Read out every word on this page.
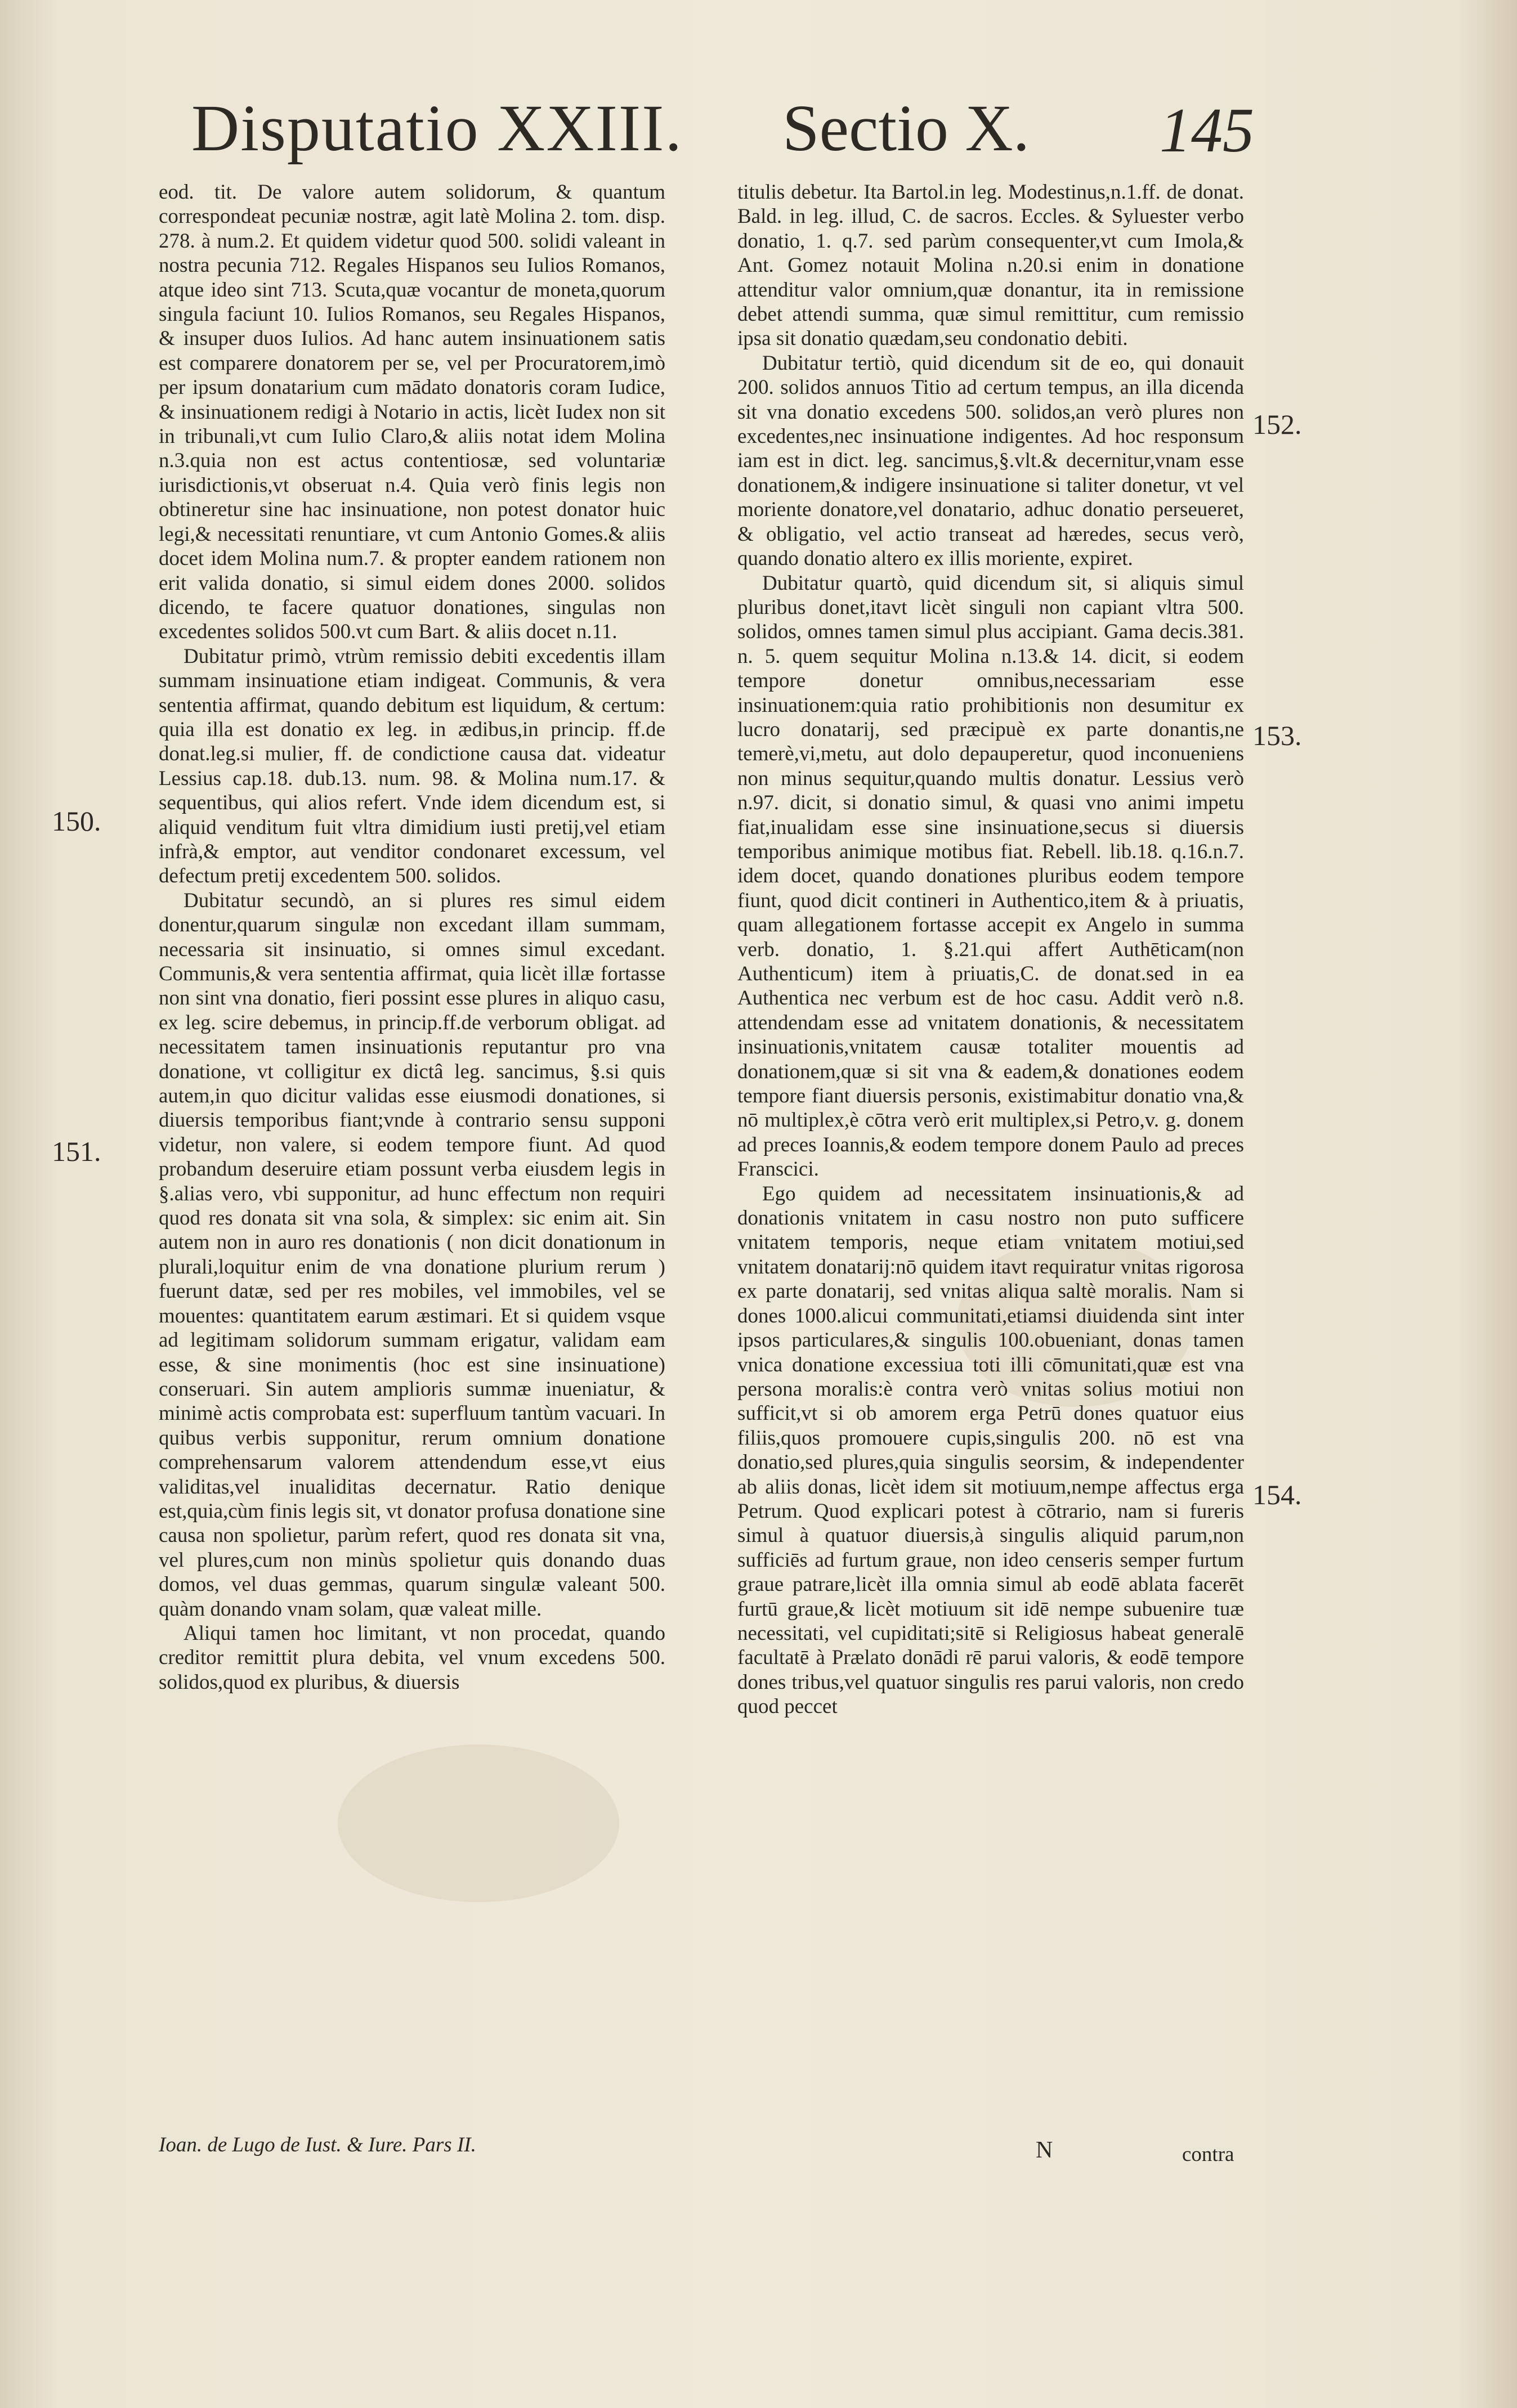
Disputatio XXIII. Sectio X. 145
150.
151.
152.
153.
154.

eod. tit. De valore autem solidorum, & quantum correspondeat pecuniæ nostræ, agit latè Molina 2. tom. disp. 278. à num.2. Et quidem videtur quod 500. solidi valeant in nostra pecunia 712. Regales Hispanos seu Iulios Romanos, atque ideo sint 713. Scuta,quæ vocantur de moneta,quorum singula faciunt 10. Iulios Romanos, seu Regales Hispanos, & insuper duos Iulios. Ad hanc autem insinuationem satis est comparere donatorem per se, vel per Procuratorem,imò per ipsum donatarium cum mādato donatoris coram Iudice, & insinuationem redigi à Notario in actis, licèt Iudex non sit in tribunali,vt cum Iulio Claro,& aliis notat idem Molina n.3.quia non est actus contentiosæ, sed voluntariæ iurisdictionis,vt obseruat n.4. Quia verò finis legis non obtineretur sine hac insinuatione, non potest donator huic legi,& necessitati renuntiare, vt cum Antonio Gomes.& aliis docet idem Molina num.7. & propter eandem rationem non erit valida donatio, si simul eidem dones 2000. solidos dicendo, te facere quatuor donationes, singulas non excedentes solidos 500.vt cum Bart. & aliis docet n.11.

Dubitatur primò, vtrùm remissio debiti excedentis illam summam insinuatione etiam indigeat. Communis, & vera sententia affirmat, quando debitum est liquidum, & certum: quia illa est donatio ex leg. in ædibus,in princip. ff.de donat.leg.si mulier, ff. de condictione causa dat. videatur Lessius cap.18. dub.13. num. 98. & Molina num.17. & sequentibus, qui alios refert. Vnde idem dicendum est, si aliquid venditum fuit vltra dimidium iusti pretij,vel etiam infrà,& emptor, aut venditor condonaret excessum, vel defectum pretij excedentem 500. solidos.

Dubitatur secundò, an si plures res simul eidem donentur,quarum singulæ non excedant illam summam, necessaria sit insinuatio, si omnes simul excedant. Communis,& vera sententia affirmat, quia licèt illæ fortasse non sint vna donatio, fieri possint esse plures in aliquo casu, ex leg. scire debemus, in princip.ff.de verborum obligat. ad necessitatem tamen insinuationis reputantur pro vna donatione, vt colligitur ex dictâ leg. sancimus, §.si quis autem,in quo dicitur validas esse eiusmodi donationes, si diuersis temporibus fiant;vnde à contrario sensu supponi videtur, non valere, si eodem tempore fiunt. Ad quod probandum deseruire etiam possunt verba eiusdem legis in §.alias vero, vbi supponitur, ad hunc effectum non requiri quod res donata sit vna sola, & simplex: sic enim ait. Sin autem non in auro res donationis ( non dicit donationum in plurali,loquitur enim de vna donatione plurium rerum ) fuerunt datæ, sed per res mobiles, vel immobiles, vel se mouentes: quantitatem earum æstimari. Et si quidem vsque ad legitimam solidorum summam erigatur, validam eam esse, & sine monimentis (hoc est sine insinuatione) conseruari. Sin autem amplioris summæ inueniatur, & minimè actis comprobata est: superfluum tantùm vacuari. In quibus verbis supponitur, rerum omnium donatione comprehensarum valorem attendendum esse,vt eius validitas,vel inualiditas decernatur. Ratio denique est,quia,cùm finis legis sit, vt donator profusa donatione sine causa non spolietur, parùm refert, quod res donata sit vna, vel plures,cum non minùs spolietur quis donando duas domos, vel duas gemmas, quarum singulæ valeant 500. quàm donando vnam solam, quæ valeat mille.

Aliqui tamen hoc limitant, vt non procedat, quando creditor remittit plura debita, vel vnum excedens 500. solidos,quod ex pluribus, & diuersis

titulis debetur. Ita Bartol.in leg. Modestinus,n.1.ff. de donat. Bald. in leg. illud, C. de sacros. Eccles. & Syluester verbo donatio, 1. q.7. sed parùm consequenter,vt cum Imola,& Ant. Gomez notauit Molina n.20.si enim in donatione attenditur valor omnium,quæ donantur, ita in remissione debet attendi summa, quæ simul remittitur, cum remissio ipsa sit donatio quædam,seu condonatio debiti.

Dubitatur tertiò, quid dicendum sit de eo, qui donauit 200. solidos annuos Titio ad certum tempus, an illa dicenda sit vna donatio excedens 500. solidos,an verò plures non excedentes,nec insinuatione indigentes. Ad hoc responsum iam est in dict. leg. sancimus,§.vlt.& decernitur,vnam esse donationem,& indigere insinuatione si taliter donetur, vt vel moriente donatore,vel donatario, adhuc donatio perseueret, & obligatio, vel actio transeat ad hæredes, secus verò, quando donatio altero ex illis moriente, expiret.

Dubitatur quartò, quid dicendum sit, si aliquis simul pluribus donet,itavt licèt singuli non capiant vltra 500. solidos, omnes tamen simul plus accipiant. Gama decis.381. n. 5. quem sequitur Molina n.13.& 14. dicit, si eodem tempore donetur omnibus,necessariam esse insinuationem:quia ratio prohibitionis non desumitur ex lucro donatarij, sed præcipuè ex parte donantis,ne temerè,vi,metu, aut dolo depauperetur, quod inconueniens non minus sequitur,quando multis donatur. Lessius verò n.97. dicit, si donatio simul, & quasi vno animi impetu fiat,inualidam esse sine insinuatione,secus si diuersis temporibus animique motibus fiat. Rebell. lib.18. q.16.n.7. idem docet, quando donationes pluribus eodem tempore fiunt, quod dicit contineri in Authentico,item & à priuatis, quam allegationem fortasse accepit ex Angelo in summa verb. donatio, 1. §.21.qui affert Authēticam(non Authenticum) item à priuatis,C. de donat.sed in ea Authentica nec verbum est de hoc casu. Addit verò n.8. attendendam esse ad vnitatem donationis, & necessitatem insinuationis,vnitatem causæ totaliter mouentis ad donationem,quæ si sit vna & eadem,& donationes eodem tempore fiant diuersis personis, existimabitur donatio vna,& nō multiplex,è cōtra verò erit multiplex,si Petro,v. g. donem ad preces Ioannis,& eodem tempore donem Paulo ad preces Franscici.

Ego quidem ad necessitatem insinuationis,& ad donationis vnitatem in casu nostro non puto sufficere vnitatem temporis, neque etiam vnitatem motiui,sed vnitatem donatarij:nō quidem itavt requiratur vnitas rigorosa ex parte donatarij, sed vnitas aliqua saltè moralis. Nam si dones 1000.alicui communitati,etiamsi diuidenda sint inter ipsos particulares,& singulis 100.obueniant, donas tamen vnica donatione excessiua toti illi cōmunitati,quæ est vna persona moralis:è contra verò vnitas solius motiui non sufficit,vt si ob amorem erga Petrū dones quatuor eius filiis,quos promouere cupis,singulis 200. nō est vna donatio,sed plures,quia singulis seorsim, & independenter ab aliis donas, licèt idem sit motiuum,nempe affectus erga Petrum. Quod explicari potest à cōtrario, nam si fureris simul à quatuor diuersis,à singulis aliquid parum,non sufficiēs ad furtum graue, non ideo censeris semper furtum graue patrare,licèt illa omnia simul ab eodē ablata facerēt furtū graue,& licèt motiuum sit idē nempe subuenire tuæ necessitati, vel cupiditati;sitē si Religiosus habeat generalē facultatē à Prælato donādi rē parui valoris, & eodē tempore dones tribus,vel quatuor singulis res parui valoris, non credo quod peccet

Ioan. de Lugo de Iust. & Iure. Pars II.	N	contra
